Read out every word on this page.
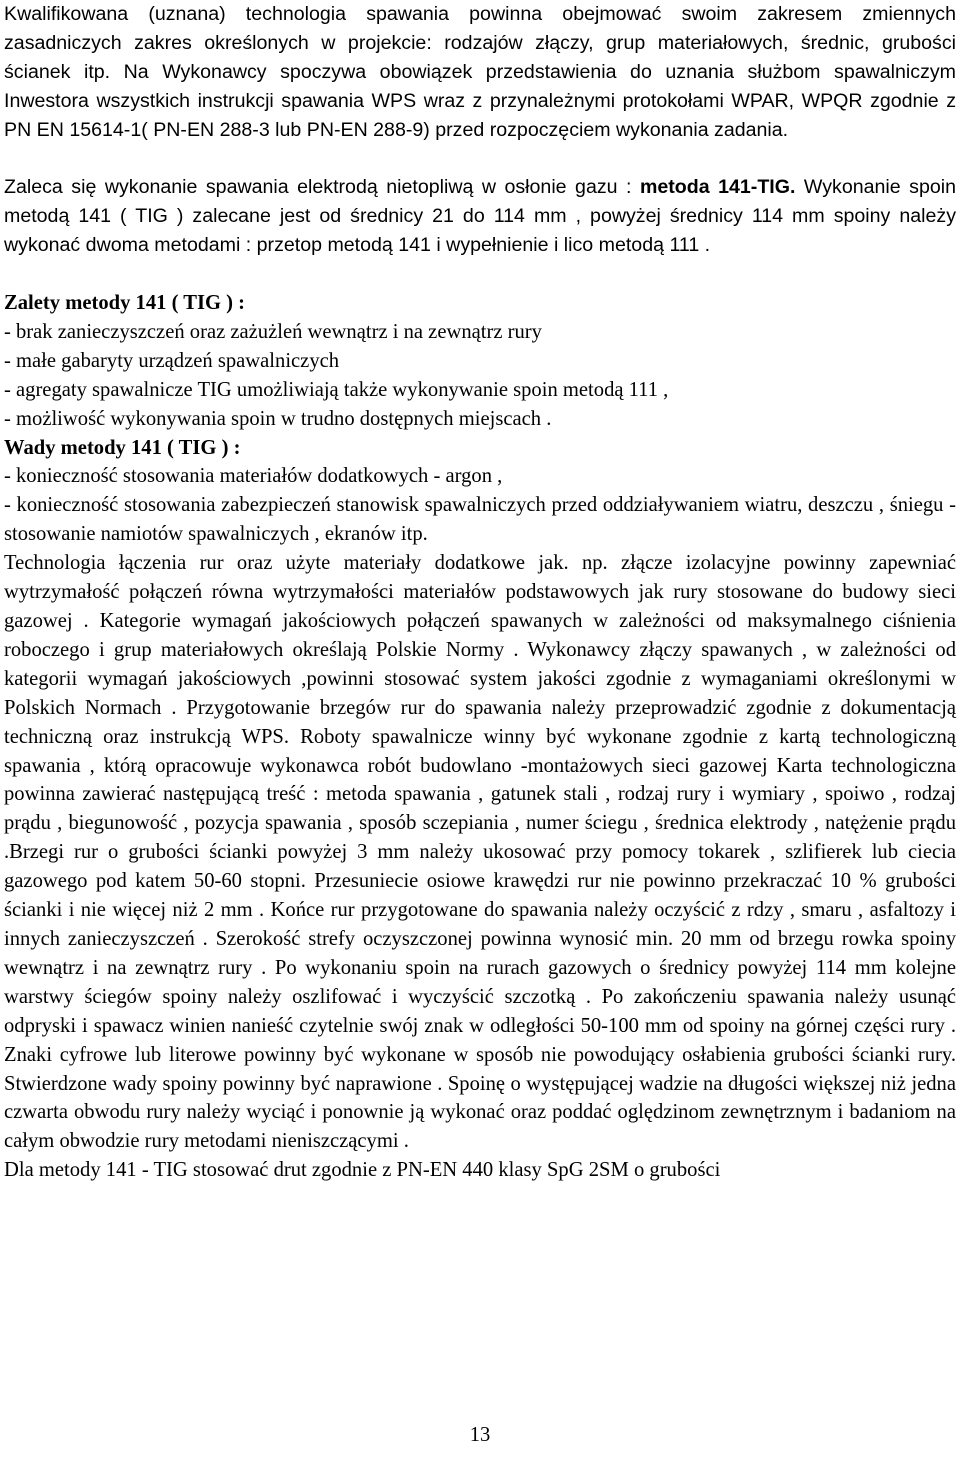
Kwalifikowana (uznana) technologia spawania powinna obejmować swoim zakresem zmiennych zasadniczych zakres określonych w projekcie: rodzajów złączy, grup materiałowych, średnic, grubości ścianek itp. Na Wykonawcy spoczywa obowiązek przedstawienia do uznania służbom spawalniczym Inwestora wszystkich instrukcji spawania WPS wraz z przynależnymi protokołami WPAR, WPQR zgodnie z PN EN 15614-1( PN-EN 288-3 lub PN-EN 288-9) przed rozpoczęciem wykonania zadania.

Zaleca się wykonanie spawania elektrodą nietopliwą w osłonie gazu : metoda 141-TIG. Wykonanie spoin metodą 141 ( TIG ) zalecane jest od średnicy 21 do 114 mm , powyżej średnicy 114 mm spoiny należy wykonać dwoma metodami : przetop metodą 141 i wypełnienie i lico metodą 111 .

Zalety metody 141 ( TIG ) :

- brak zanieczyszczeń oraz zażużleń wewnątrz i na zewnątrz rury

- małe gabaryty urządzeń spawalniczych

- agregaty spawalnicze TIG umożliwiają także wykonywanie spoin metodą 111 ,

- możliwość wykonywania spoin w trudno dostępnych miejscach .

Wady metody 141 ( TIG ) :

- konieczność stosowania materiałów dodatkowych - argon ,

- konieczność stosowania zabezpieczeń stanowisk spawalniczych przed oddziaływaniem wiatru, deszczu , śniegu - stosowanie namiotów spawalniczych , ekranów itp.

Technologia łączenia rur oraz użyte materiały dodatkowe jak. np. złącze izolacyjne powinny zapewniać wytrzymałość połączeń równa wytrzymałości materiałów podstawowych jak rury stosowane do budowy sieci gazowej . Kategorie wymagań jakościowych połączeń spawanych w zależności od maksymalnego ciśnienia roboczego i grup materiałowych określają Polskie Normy . Wykonawcy złączy spawanych , w zależności od kategorii wymagań jakościowych ,powinni stosować system jakości zgodnie z wymaganiami określonymi w Polskich Normach . Przygotowanie brzegów rur do spawania należy przeprowadzić zgodnie z dokumentacją techniczną oraz instrukcją WPS. Roboty spawalnicze winny być wykonane zgodnie z kartą technologiczną spawania , którą opracowuje wykonawca robót budowlano -montażowych sieci gazowej Karta technologiczna powinna zawierać następującą treść : metoda spawania , gatunek stali , rodzaj rury i wymiary , spoiwo , rodzaj prądu , biegunowość , pozycja spawania , sposób sczepiania , numer ściegu , średnica elektrody , natężenie prądu .Brzegi rur o grubości ścianki powyżej 3 mm należy ukosować przy pomocy tokarek , szlifierek lub ciecia gazowego pod katem 50-60 stopni. Przesuniecie osiowe krawędzi rur nie powinno przekraczać 10 % grubości ścianki i nie więcej niż 2 mm . Końce rur przygotowane do spawania należy oczyścić z rdzy , smaru , asfaltozy i innych zanieczyszczeń . Szerokość strefy oczyszczonej powinna wynosić min. 20 mm od brzegu rowka spoiny wewnątrz i na zewnątrz rury . Po wykonaniu spoin na rurach gazowych o średnicy powyżej 114 mm kolejne warstwy ściegów spoiny należy oszlifować i wyczyścić szczotką . Po zakończeniu spawania należy usunąć odpryski i spawacz winien nanieść czytelnie swój znak w odległości 50-100 mm od spoiny na górnej części rury . Znaki cyfrowe lub literowe powinny być wykonane w sposób nie powodujący osłabienia grubości ścianki rury. Stwierdzone wady spoiny powinny być naprawione . Spoinę o występującej wadzie na długości większej niż jedna czwarta obwodu rury należy wyciąć i ponownie ją wykonać oraz poddać oględzinom zewnętrznym i badaniom na całym obwodzie rury metodami nieniszczącymi .

Dla metody 141 - TIG stosować drut zgodnie z PN-EN 440 klasy SpG 2SM o grubości

13
